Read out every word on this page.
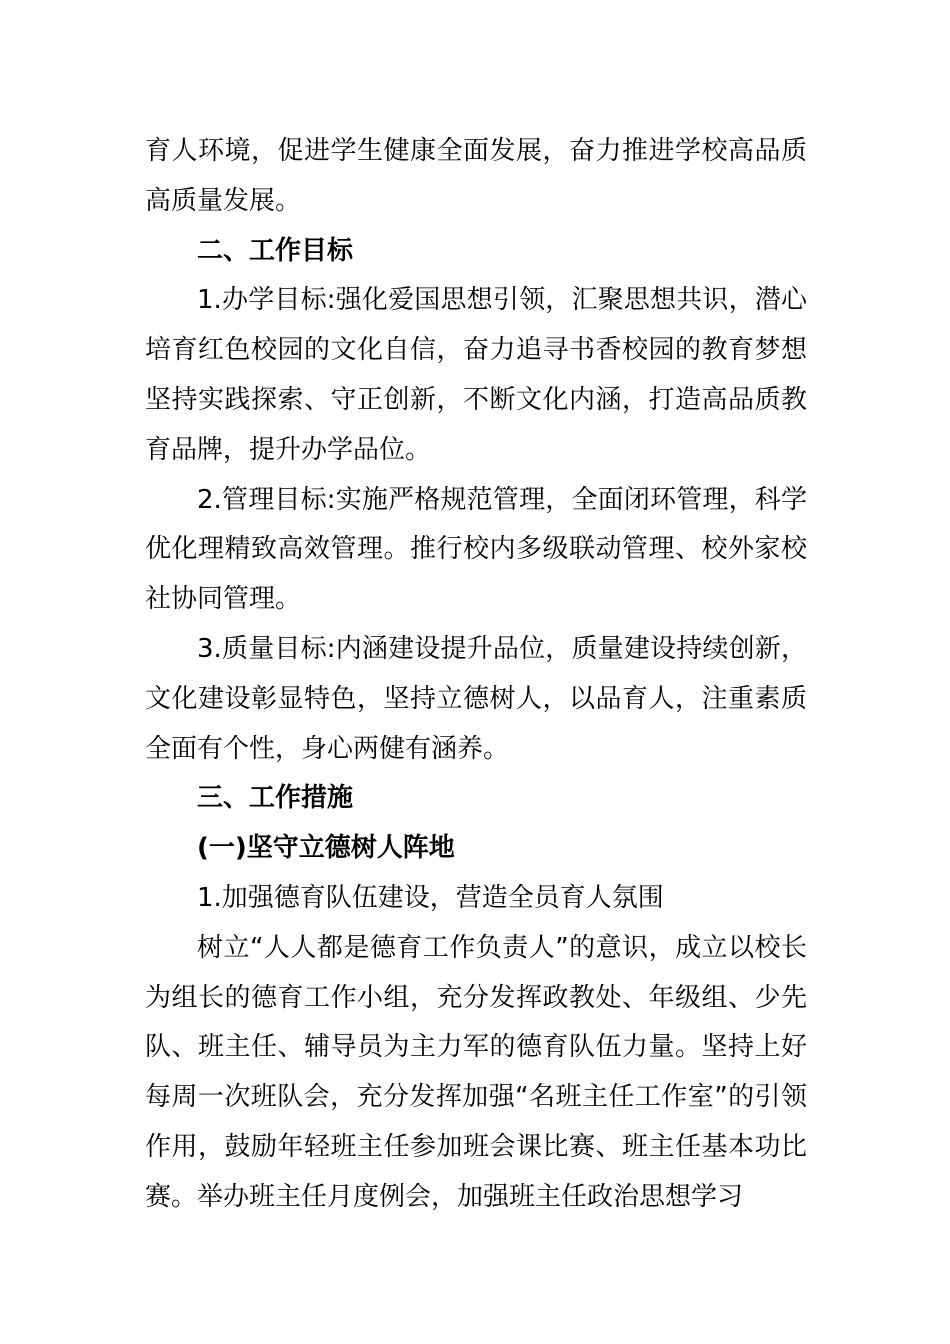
育人环境，促进学生健康全面发展，奋力推进学校高品质高质量发展。

二、工作目标

1.办学目标:强化爱国思想引领，汇聚思想共识，潜心培育红色校园的文化自信，奋力追寻书香校园的教育梦想坚持实践探索、守正创新，不断文化内涵，打造高品质教育品牌，提升办学品位。

2.管理目标:实施严格规范管理，全面闭环管理，科学优化理精致高效管理。推行校内多级联动管理、校外家校社协同管理。

3.质量目标:内涵建设提升品位，质量建设持续创新，文化建设彰显特色，坚持立德树人，以品育人，注重素质全面有个性，身心两健有涵养。

三、工作措施

(一)坚守立德树人阵地

1.加强德育队伍建设，营造全员育人氛围

树立“人人都是德育工作负责人”的意识，成立以校长为组长的德育工作小组，充分发挥政教处、年级组、少先队、班主任、辅导员为主力军的德育队伍力量。坚持上好每周一次班队会，充分发挥加强“名班主任工作室”的引领作用，鼓励年轻班主任参加班会课比赛、班主任基本功比赛。举办班主任月度例会，加强班主任政治思想学习
